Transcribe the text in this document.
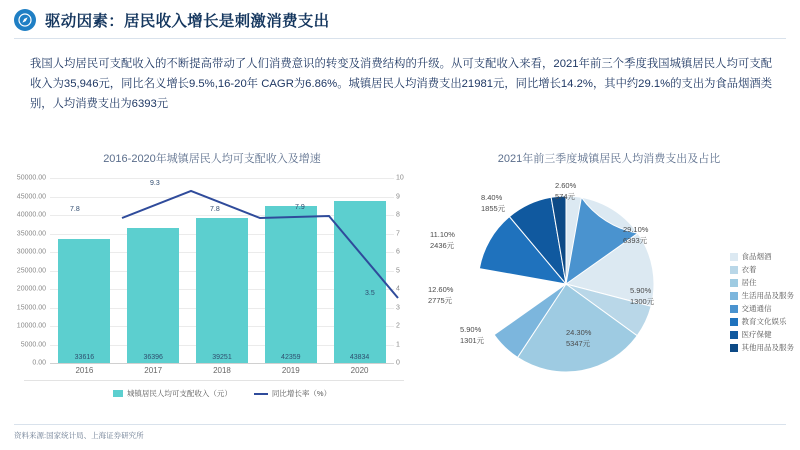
驱动因素：居民收入增长是刺激消费支出
我国人均居民可支配收入的不断提高带动了人们消费意识的转变及消费结构的升级。从可支配收入来看，2021年前三个季度我国城镇居民人均可支配收入为35,946元，同比名义增长9.5%,16-20年 CAGR为6.86%。城镇居民人均消费支出21981元，同比增长14.2%，其中约29.1%的支出为食品烟酒类别，人均消费支出为6393元
2016-2020年城镇居民人均可支配收入及增速
50000.00
45000.00
40000.00
35000.00
30000.00
25000.00
20000.00
15000.00
10000.00
5000.00
0.00
10
9
8
7
6
5
4
3
2
1
0
33616	36396	39251	42359	43834
7.8
9.3
7.8	7.9
3.5
2016	2017	2018	2019	2020
城镇居民人均可支配收入（元）	同比增长率（%）
2021年前三季度城镇居民人均消费支出及占比
29.10%
6393元
5.90%
1300元
24.30%
5347元
5.90%
1301元
12.60%
2775元
11.10%
2436元
8.40%
1855元
2.60%
574元
食品烟酒
衣着
居住
生活用品及服务
交通通信
教育文化娱乐
医疗保健
其他用品及服务
资料来源:国家统计局、上海证券研究所
